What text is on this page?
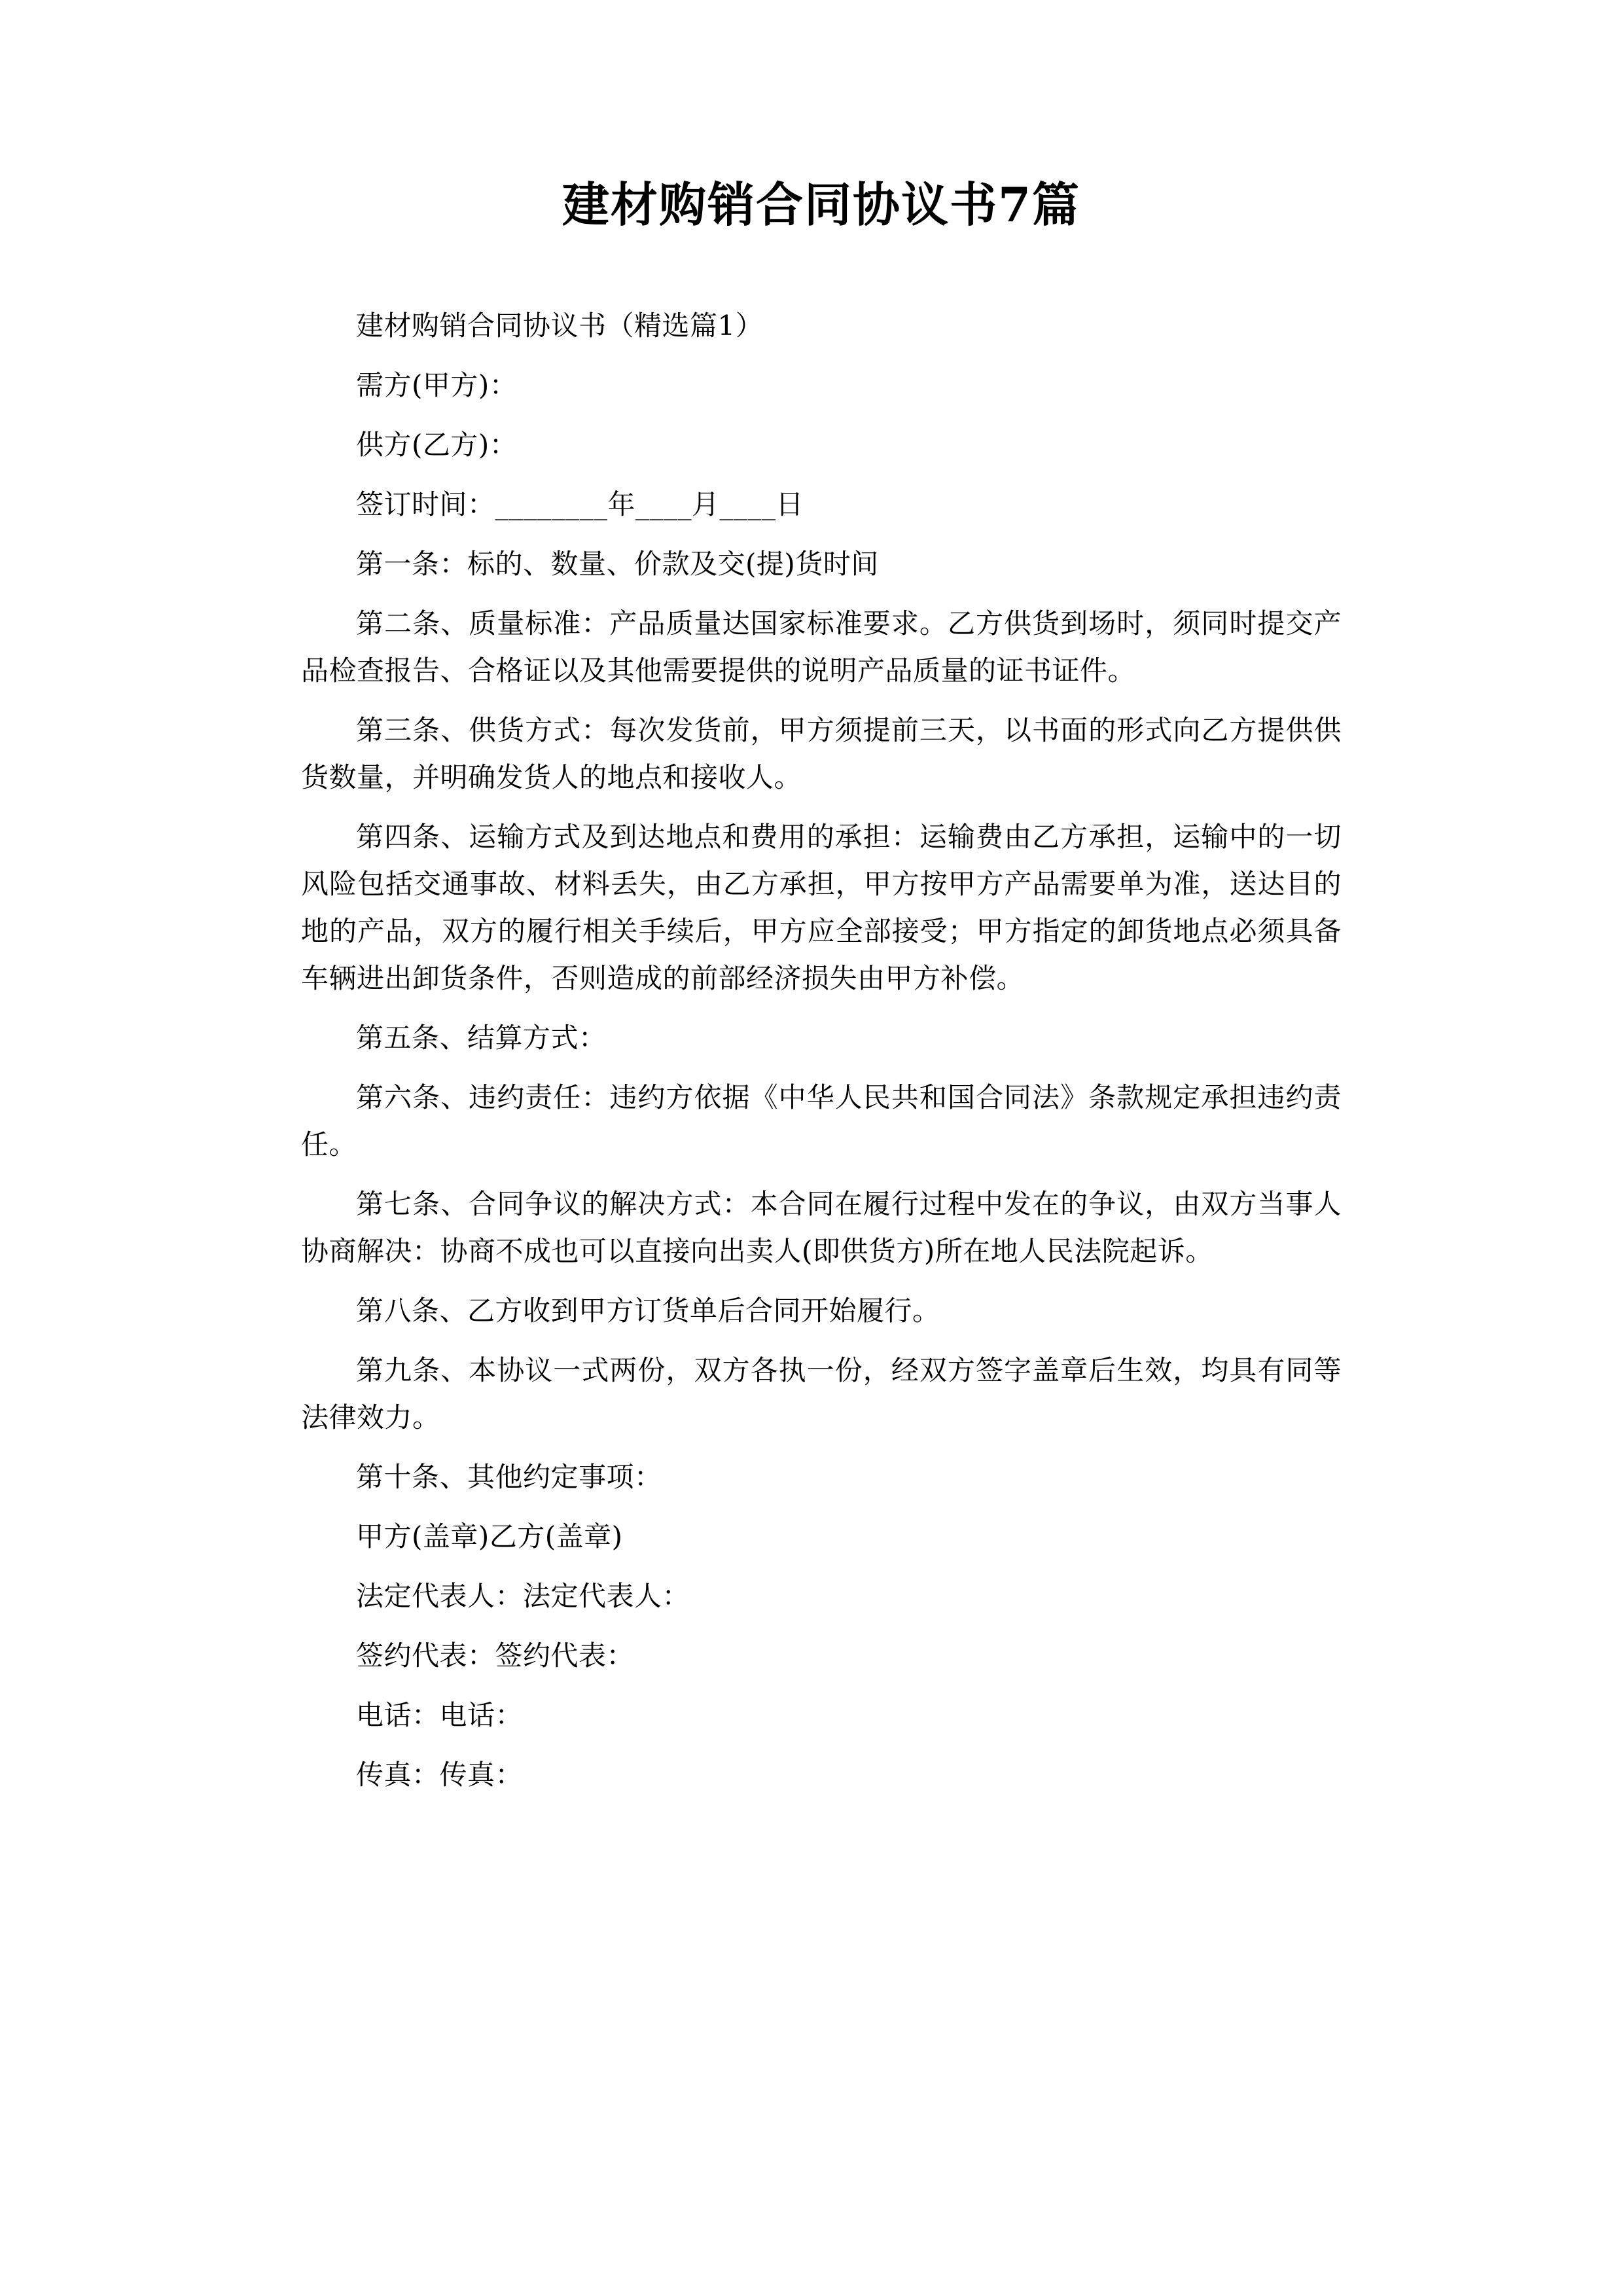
建材购销合同协议书7篇

建材购销合同协议书（精选篇1）

需方(甲方)：

供方(乙方)：

签订时间：________年____月____日

第一条：标的、数量、价款及交(提)货时间

第二条、质量标准：产品质量达国家标准要求。乙方供货到场时，须同时提交产品检查报告、合格证以及其他需要提供的说明产品质量的证书证件。

第三条、供货方式：每次发货前，甲方须提前三天，以书面的形式向乙方提供供货数量，并明确发货人的地点和接收人。

第四条、运输方式及到达地点和费用的承担：运输费由乙方承担，运输中的一切风险包括交通事故、材料丢失，由乙方承担，甲方按甲方产品需要单为准，送达目的地的产品，双方的履行相关手续后，甲方应全部接受；甲方指定的卸货地点必须具备车辆进出卸货条件，否则造成的前部经济损失由甲方补偿。

第五条、结算方式：

第六条、违约责任：违约方依据《中华人民共和国合同法》条款规定承担违约责任。

第七条、合同争议的解决方式：本合同在履行过程中发在的争议，由双方当事人协商解决：协商不成也可以直接向出卖人(即供货方)所在地人民法院起诉。

第八条、乙方收到甲方订货单后合同开始履行。

第九条、本协议一式两份，双方各执一份，经双方签字盖章后生效，均具有同等法律效力。

第十条、其他约定事项：

甲方(盖章)乙方(盖章)

法定代表人：法定代表人：

签约代表：签约代表：

电话：电话：

传真：传真：
